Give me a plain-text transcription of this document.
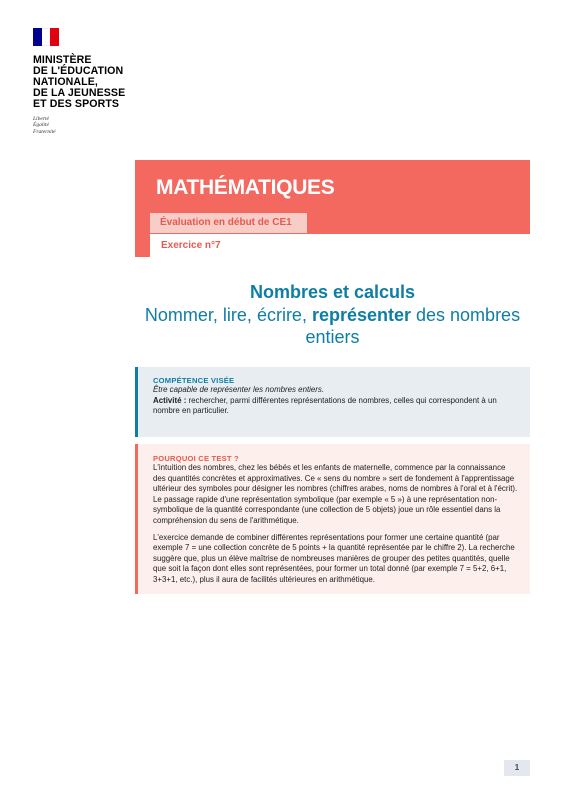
MINISTÈRE
DE L'ÉDUCATION
NATIONALE,
DE LA JEUNESSE
ET DES SPORTS
Liberté
Égalité
Fraternité
MATHÉMATIQUES
Évaluation en début de CE1
Exercice n°7
Nombres et calculs
Nommer, lire, écrire, représenter des nombres entiers
COMPÉTENCE VISÉE
Être capable de représenter les nombres entiers.
Activité : rechercher, parmi différentes représentations de nombres, celles qui correspondent à un nombre en particulier.
POURQUOI CE TEST ?
L'intuition des nombres, chez les bébés et les enfants de maternelle, commence par la connaissance des quantités concrètes et approximatives. Ce « sens du nombre » sert de fondement à l'apprentissage ultérieur des symboles pour désigner les nombres (chiffres arabes, noms de nombres à l'oral et à l'écrit). Le passage rapide d'une représentation symbolique (par exemple « 5 ») à une représentation non-symbolique de la quantité correspondante (une collection de 5 objets) joue un rôle essentiel dans la compréhension du sens de l'arithmétique.
L'exercice demande de combiner différentes représentations pour former une certaine quantité (par exemple 7 = une collection concrète de 5 points + la quantité représentée par le chiffre 2). La recherche suggère que, plus un élève maîtrise de nombreuses manières de grouper des petites quantités, quelle que soit la façon dont elles sont représentées, pour former un total donné (par exemple 7 = 5+2, 6+1, 3+3+1, etc.), plus il aura de facilités ultérieures en arithmétique.
1
